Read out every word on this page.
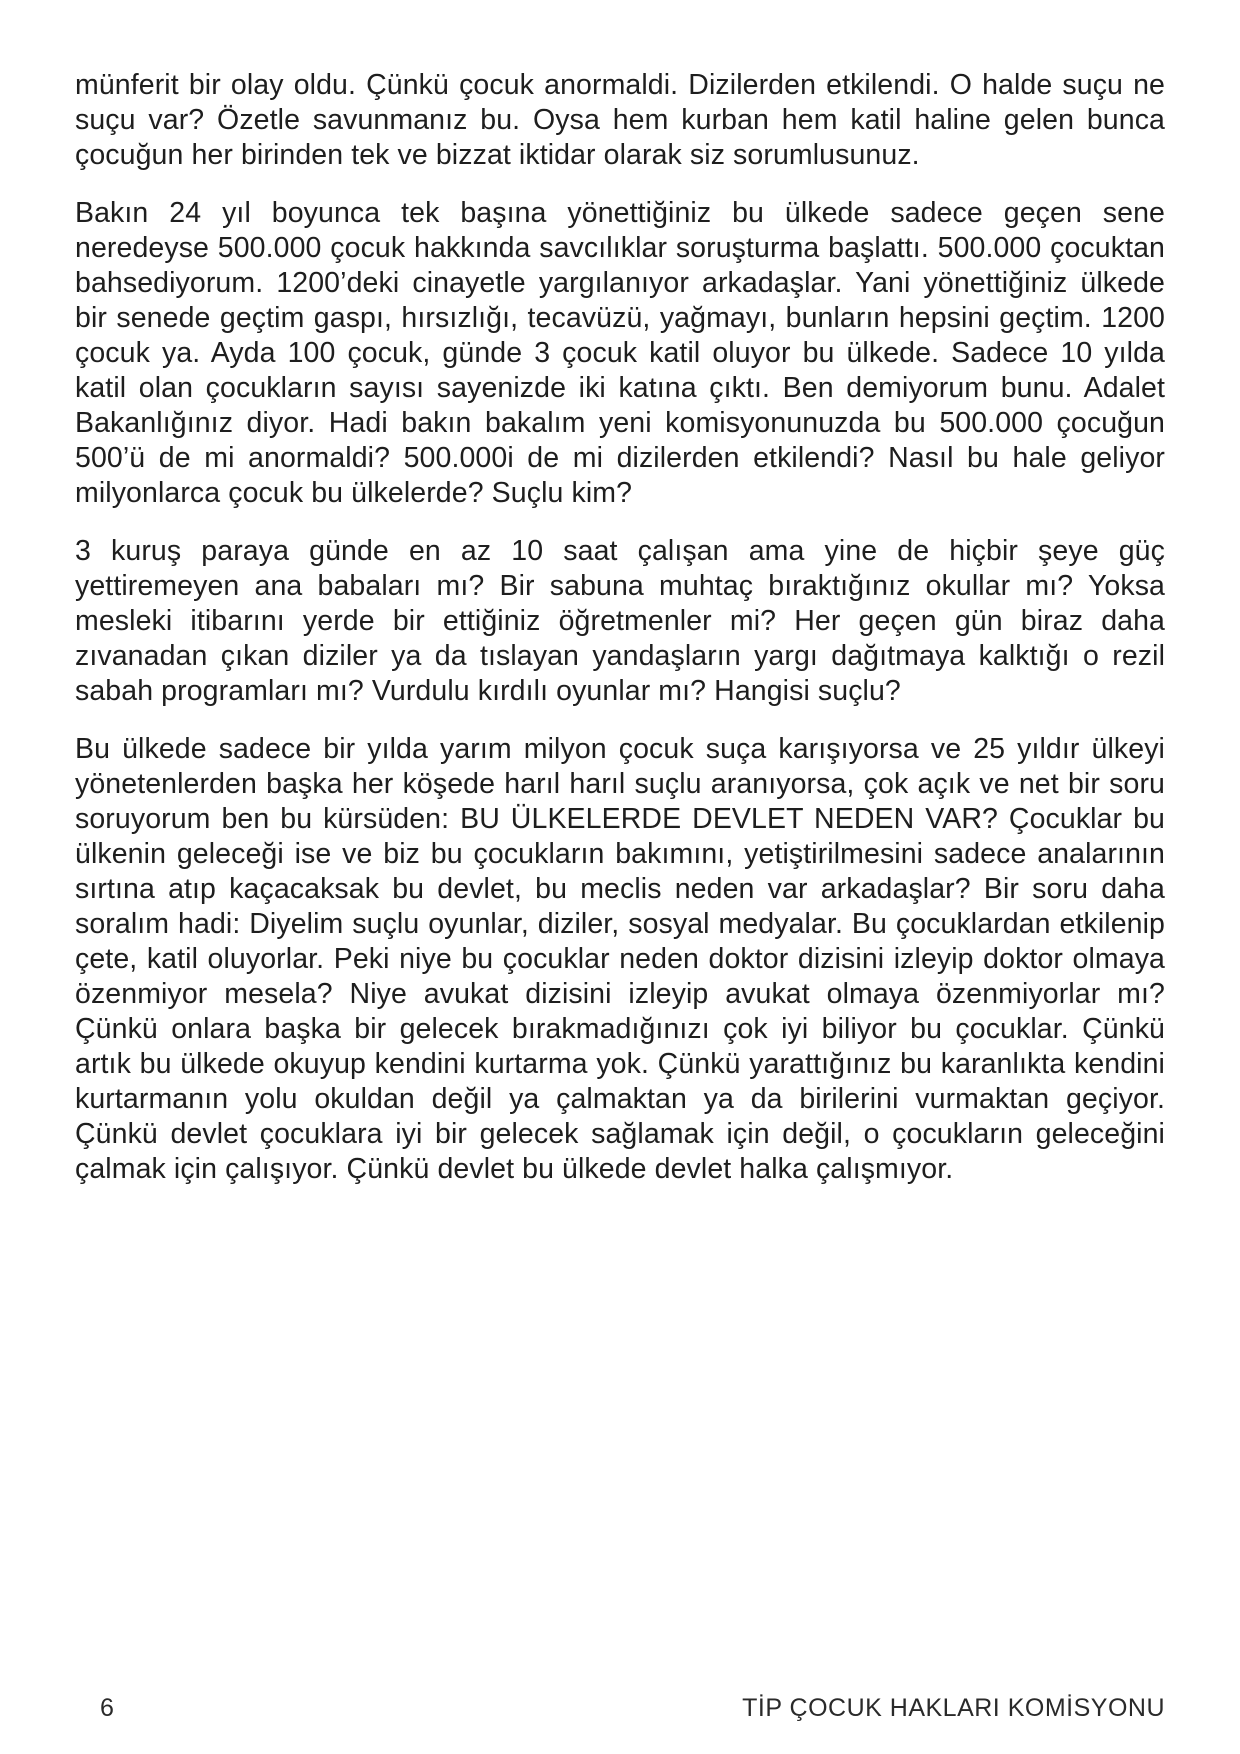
münferit bir olay oldu. Çünkü çocuk anormaldi. Dizilerden etkilendi. O halde suçu ne suçu var? Özetle savunmanız bu. Oysa hem kurban hem katil haline gelen bunca çocuğun her birinden tek ve bizzat iktidar olarak siz sorumlusunuz.

Bakın 24 yıl boyunca tek başına yönettiğiniz bu ülkede sadece geçen sene neredeyse 500.000 çocuk hakkında savcılıklar soruşturma başlattı. 500.000 çocuktan bahsediyorum. 1200’deki cinayetle yargılanıyor arkadaşlar. Yani yönettiğiniz ülkede bir senede geçtim gaspı, hırsızlığı, tecavüzü, yağmayı, bunların hepsini geçtim. 1200 çocuk ya. Ayda 100 çocuk, günde 3 çocuk katil oluyor bu ülkede. Sadece 10 yılda katil olan çocukların sayısı sayenizde iki katına çıktı. Ben demiyorum bunu. Adalet Bakanlığınız diyor. Hadi bakın bakalım yeni komisyonunuzda bu 500.000 çocuğun 500’ü de mi anormaldi? 500.000i de mi dizilerden etkilendi? Nasıl bu hale geliyor milyonlarca çocuk bu ülkelerde? Suçlu kim?

3 kuruş paraya günde en az 10 saat çalışan ama yine de hiçbir şeye güç yettiremeyen ana babaları mı? Bir sabuna muhtaç bıraktığınız okullar mı? Yoksa mesleki itibarını yerde bir ettiğiniz öğretmenler mi? Her geçen gün biraz daha zıvanadan çıkan diziler ya da tıslayan yandaşların yargı dağıtmaya kalktığı o rezil sabah programları mı? Vurdulu kırdılı oyunlar mı? Hangisi suçlu?

Bu ülkede sadece bir yılda yarım milyon çocuk suça karışıyorsa ve 25 yıldır ülkeyi yönetenlerden başka her köşede harıl harıl suçlu aranıyorsa, çok açık ve net bir soru soruyorum ben bu kürsüden: BU ÜLKELERDE DEVLET NEDEN VAR? Çocuklar bu ülkenin geleceği ise ve biz bu çocukların bakımını, yetiştirilmesini sadece analarının sırtına atıp kaçacaksak bu devlet, bu meclis neden var arkadaşlar? Bir soru daha soralım hadi: Diyelim suçlu oyunlar, diziler, sosyal medyalar. Bu çocuklardan etkilenip çete, katil oluyorlar. Peki niye bu çocuklar neden doktor dizisini izleyip doktor olmaya özenmiyor mesela? Niye avukat dizisini izleyip avukat olmaya özenmiyorlar mı? Çünkü onlara başka bir gelecek bırakmadığınızı çok iyi biliyor bu çocuklar. Çünkü artık bu ülkede okuyup kendini kurtarma yok. Çünkü yarattığınız bu karanlıkta kendini kurtarmanın yolu okuldan değil ya çalmaktan ya da birilerini vurmaktan geçiyor. Çünkü devlet çocuklara iyi bir gelecek sağlamak için değil, o çocukların geleceğini çalmak için çalışıyor. Çünkü devlet bu ülkede devlet halka çalışmıyor.

6	TİP ÇOCUK HAKLARI KOMİSYONU
